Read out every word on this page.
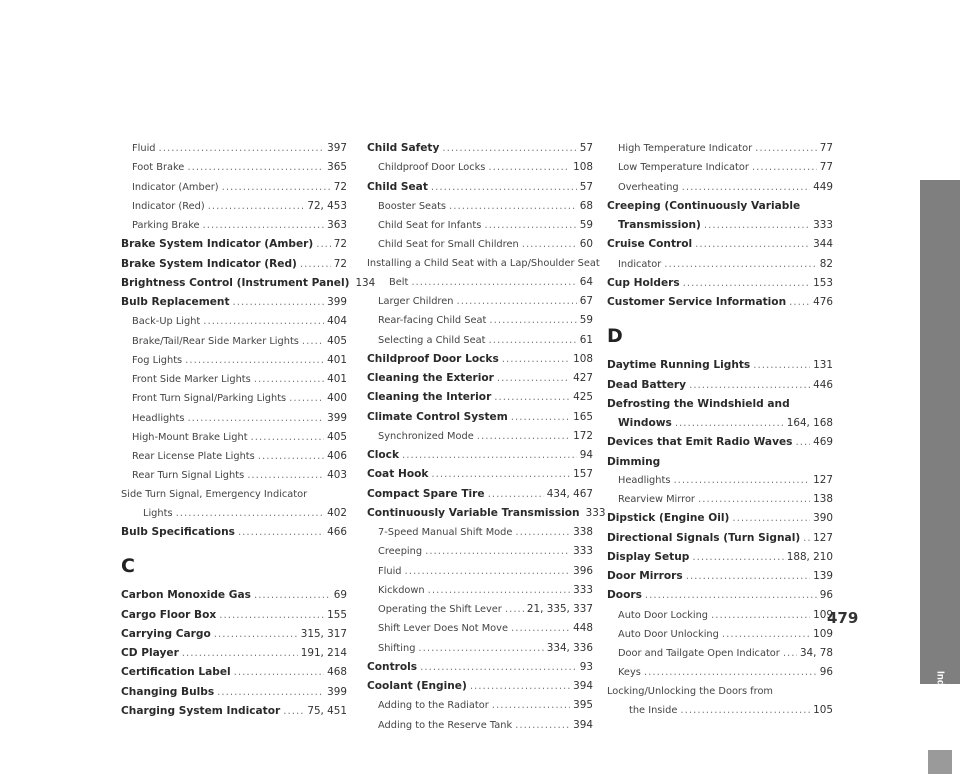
Fluid .....	397
Foot Brake .....	365
Indicator (Amber) .....	72
Indicator (Red) .....	72, 453
Parking Brake .....	363
Brake System Indicator (Amber) ..... 72
Brake System Indicator (Red) .....	72
Brightness Control (Instrument Panel) 134
Bulb Replacement .....	399
Back-Up Light .....	404
Brake/Tail/Rear Side Marker Lights .....	405
Fog Lights .....	401
Front Side Marker Lights .....	401
Front Turn Signal/Parking Lights .....	400
Headlights .....	399
High-Mount Brake Light .....	405
Rear License Plate Lights .....	406
Rear Turn Signal Lights .....	403
Side Turn Signal, Emergency Indicator
Lights .....	402
Bulb Specifications .....	466
C
Carbon Monoxide Gas .....	69
Cargo Floor Box .....	155
Carrying Cargo .....	315, 317
CD Player .....	191, 214
Certification Label .....	468
Changing Bulbs .....	399
Charging System Indicator .....	75, 451
Child Safety .....	57
Childproof Door Locks .....	108
Child Seat .....	57
Booster Seats .....	68
Child Seat for Infants .....	59
Child Seat for Small Children .....	60
Installing a Child Seat with a Lap/Shoulder Seat
Belt .....	64
Larger Children .....	67
Rear-facing Child Seat .....	59
Selecting a Child Seat .....	61
Childproof Door Locks .....	108
Cleaning the Exterior .....	427
Cleaning the Interior .....	425
Climate Control System .....	165
Synchronized Mode .....	172
Clock .....	94
Coat Hook .....	157
Compact Spare Tire .....	434, 467
Continuously Variable Transmission 333
7-Speed Manual Shift Mode .....	338
Creeping .....	333
Fluid .....	396
Kickdown .....	333
Operating the Shift Lever ..... 21, 335, 337
Shift Lever Does Not Move .....	448
Shifting .....	334, 336
Controls .....	93
Coolant (Engine) .....	394
Adding to the Radiator .....	395
Adding to the Reserve Tank .....	394
High Temperature Indicator .....	77
Low Temperature Indicator .....	77
Overheating .....	449
Creeping (Continuously Variable
Transmission) .....	333
Cruise Control .....	344
Indicator .....	82
Cup Holders .....	153
Customer Service Information .....	476
D
Daytime Running Lights .....	131
Dead Battery .....	446
Defrosting the Windshield and
Windows .....	164, 168
Devices that Emit Radio Waves ..... 469
Dimming
Headlights .....	127
Rearview Mirror .....	138
Dipstick (Engine Oil) .....	390
Directional Signals (Turn Signal) ..... 127
Display Setup .....	188, 210
Door Mirrors .....	139
Doors .....	96
Auto Door Locking .....	109
Auto Door Unlocking .....	109
Door and Tailgate Open Indicator ..... 34, 78
Keys .....	96
Locking/Unlocking the Doors from
the Inside .....	105
Index
479
